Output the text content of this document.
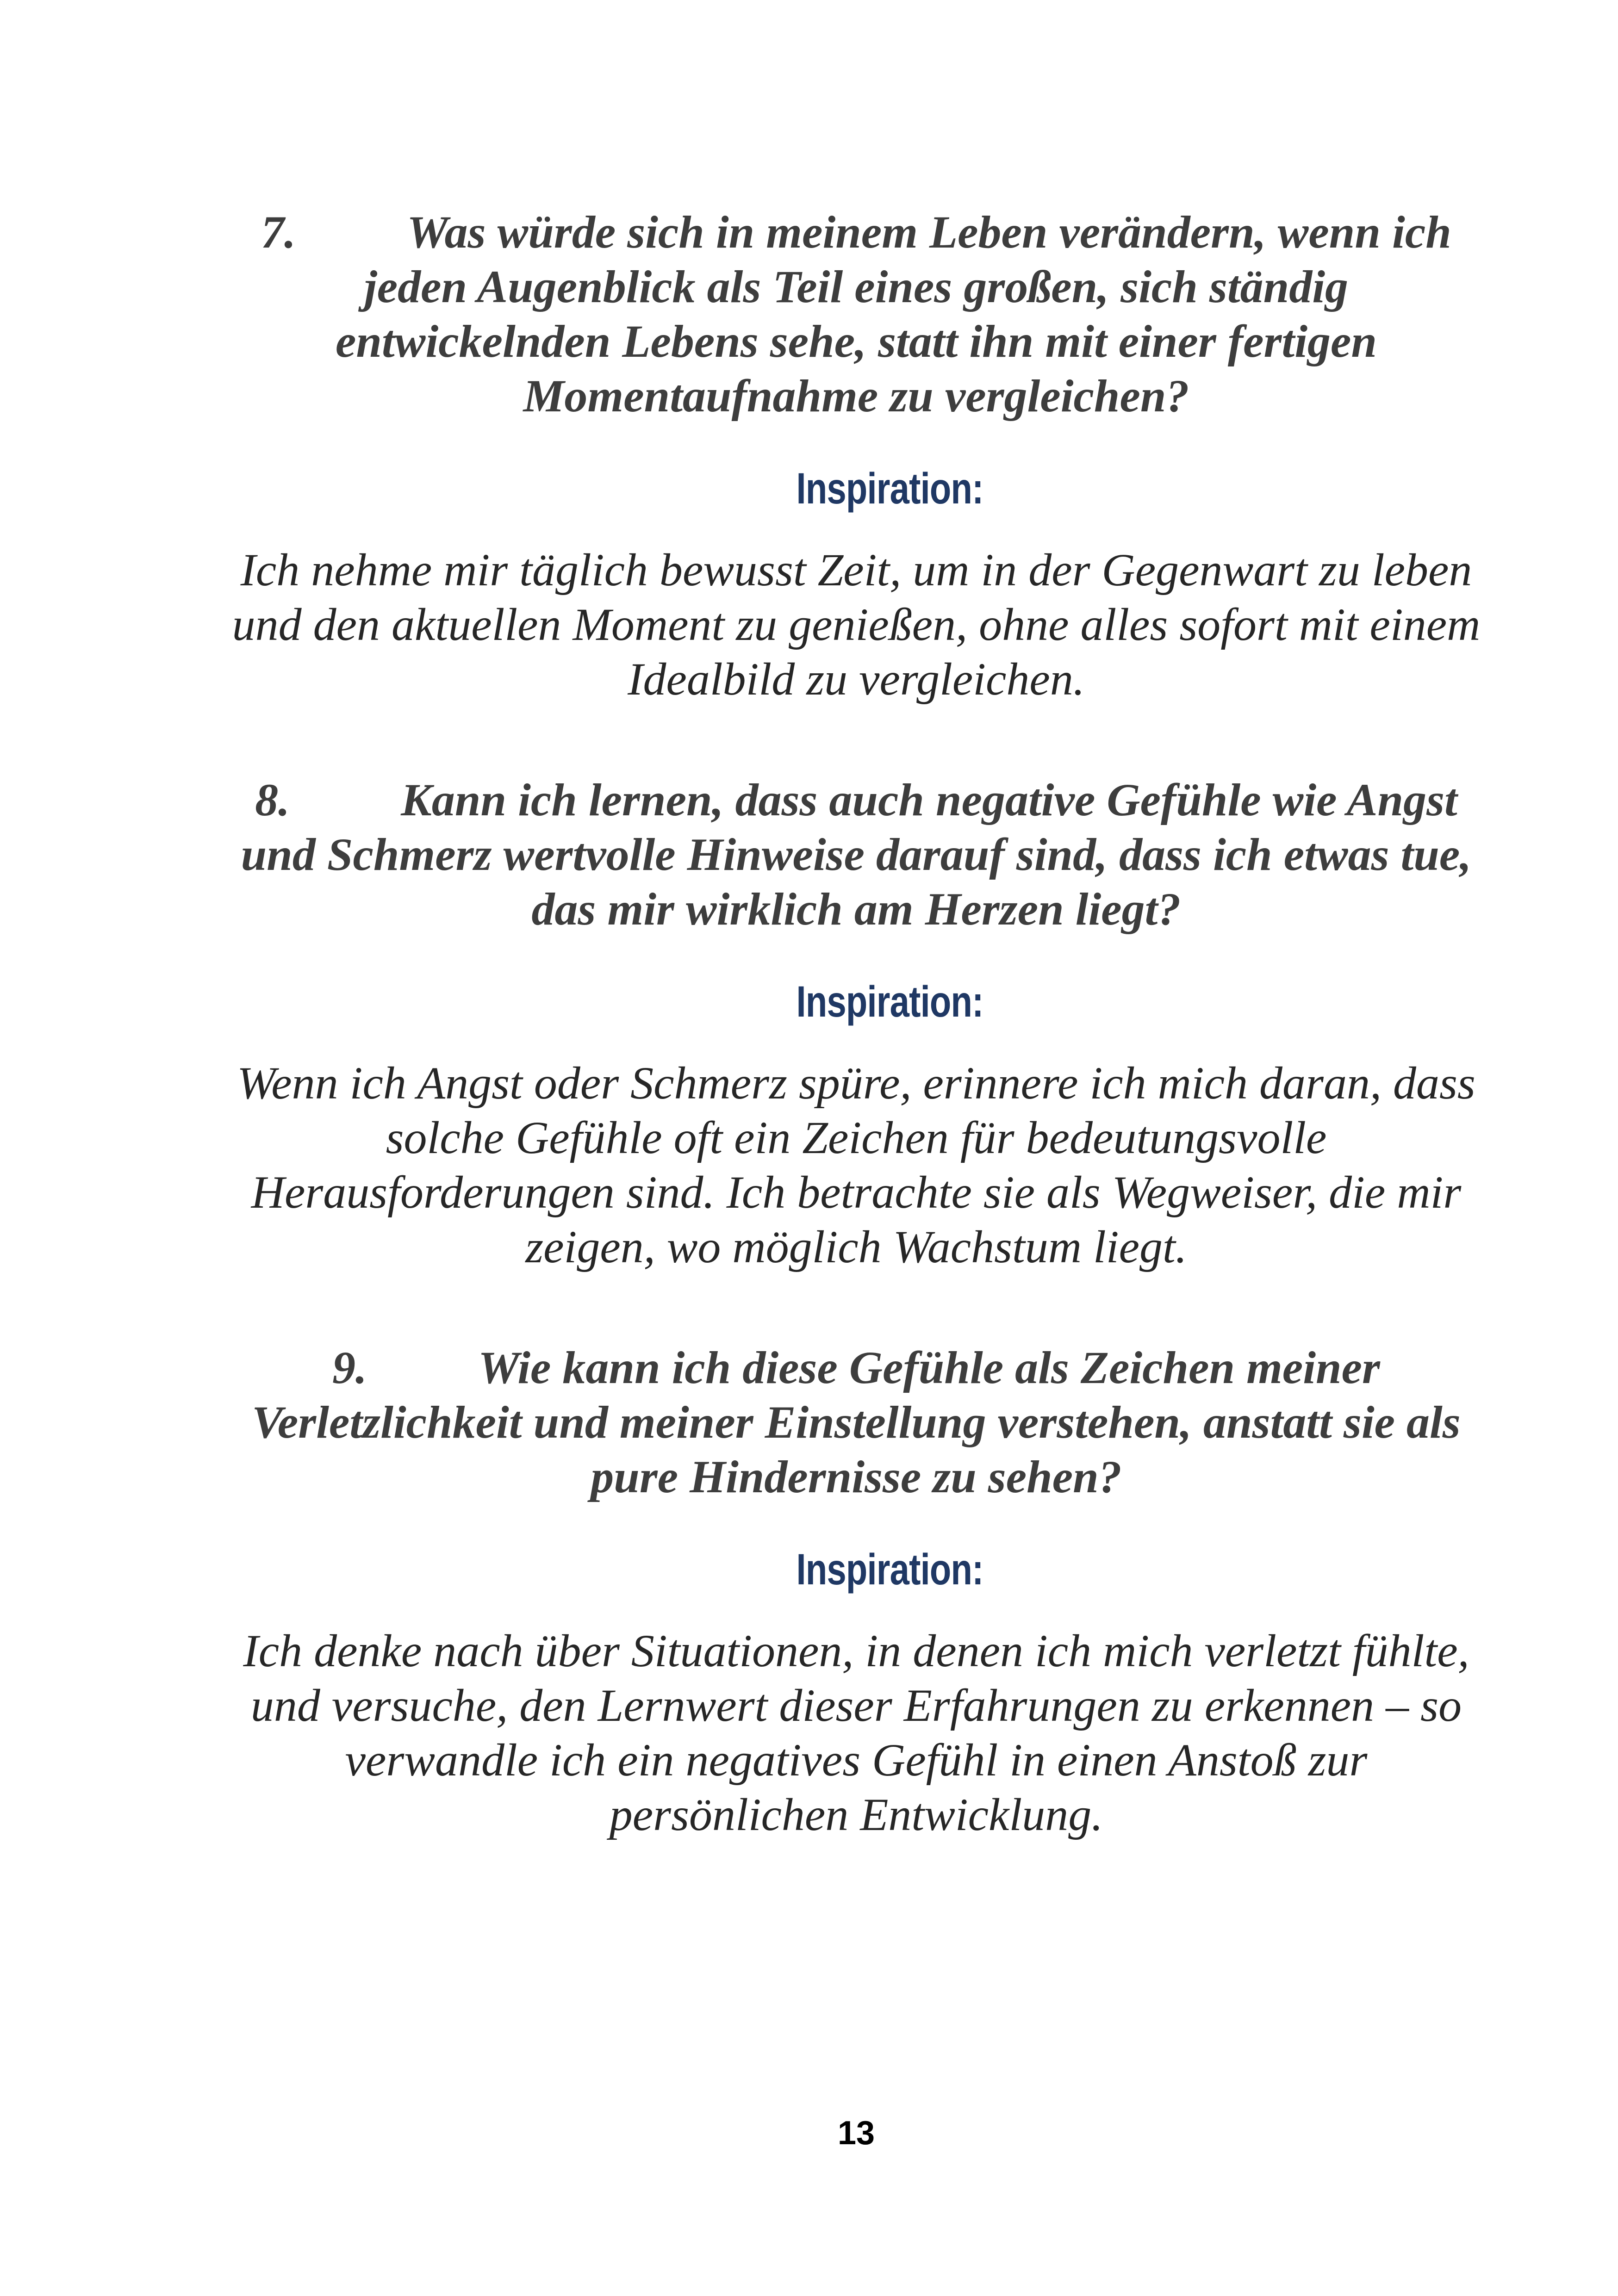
7. Was würde sich in meinem Leben verändern, wenn ich
jeden Augenblick als Teil eines großen, sich ständig
entwickelnden Lebens sehe, statt ihn mit einer fertigen
Momentaufnahme zu vergleichen?
Inspiration:
Ich nehme mir täglich bewusst Zeit, um in der Gegenwart zu leben
und den aktuellen Moment zu genießen, ohne alles sofort mit einem
Idealbild zu vergleichen.
8. Kann ich lernen, dass auch negative Gefühle wie Angst
und Schmerz wertvolle Hinweise darauf sind, dass ich etwas tue,
das mir wirklich am Herzen liegt?
Inspiration:
Wenn ich Angst oder Schmerz spüre, erinnere ich mich daran, dass
solche Gefühle oft ein Zeichen für bedeutungsvolle
Herausforderungen sind. Ich betrachte sie als Wegweiser, die mir
zeigen, wo möglich Wachstum liegt.
9. Wie kann ich diese Gefühle als Zeichen meiner
Verletzlichkeit und meiner Einstellung verstehen, anstatt sie als
pure Hindernisse zu sehen?
Inspiration:
Ich denke nach über Situationen, in denen ich mich verletzt fühlte,
und versuche, den Lernwert dieser Erfahrungen zu erkennen – so
verwandle ich ein negatives Gefühl in einen Anstoß zur
persönlichen Entwicklung.
13
